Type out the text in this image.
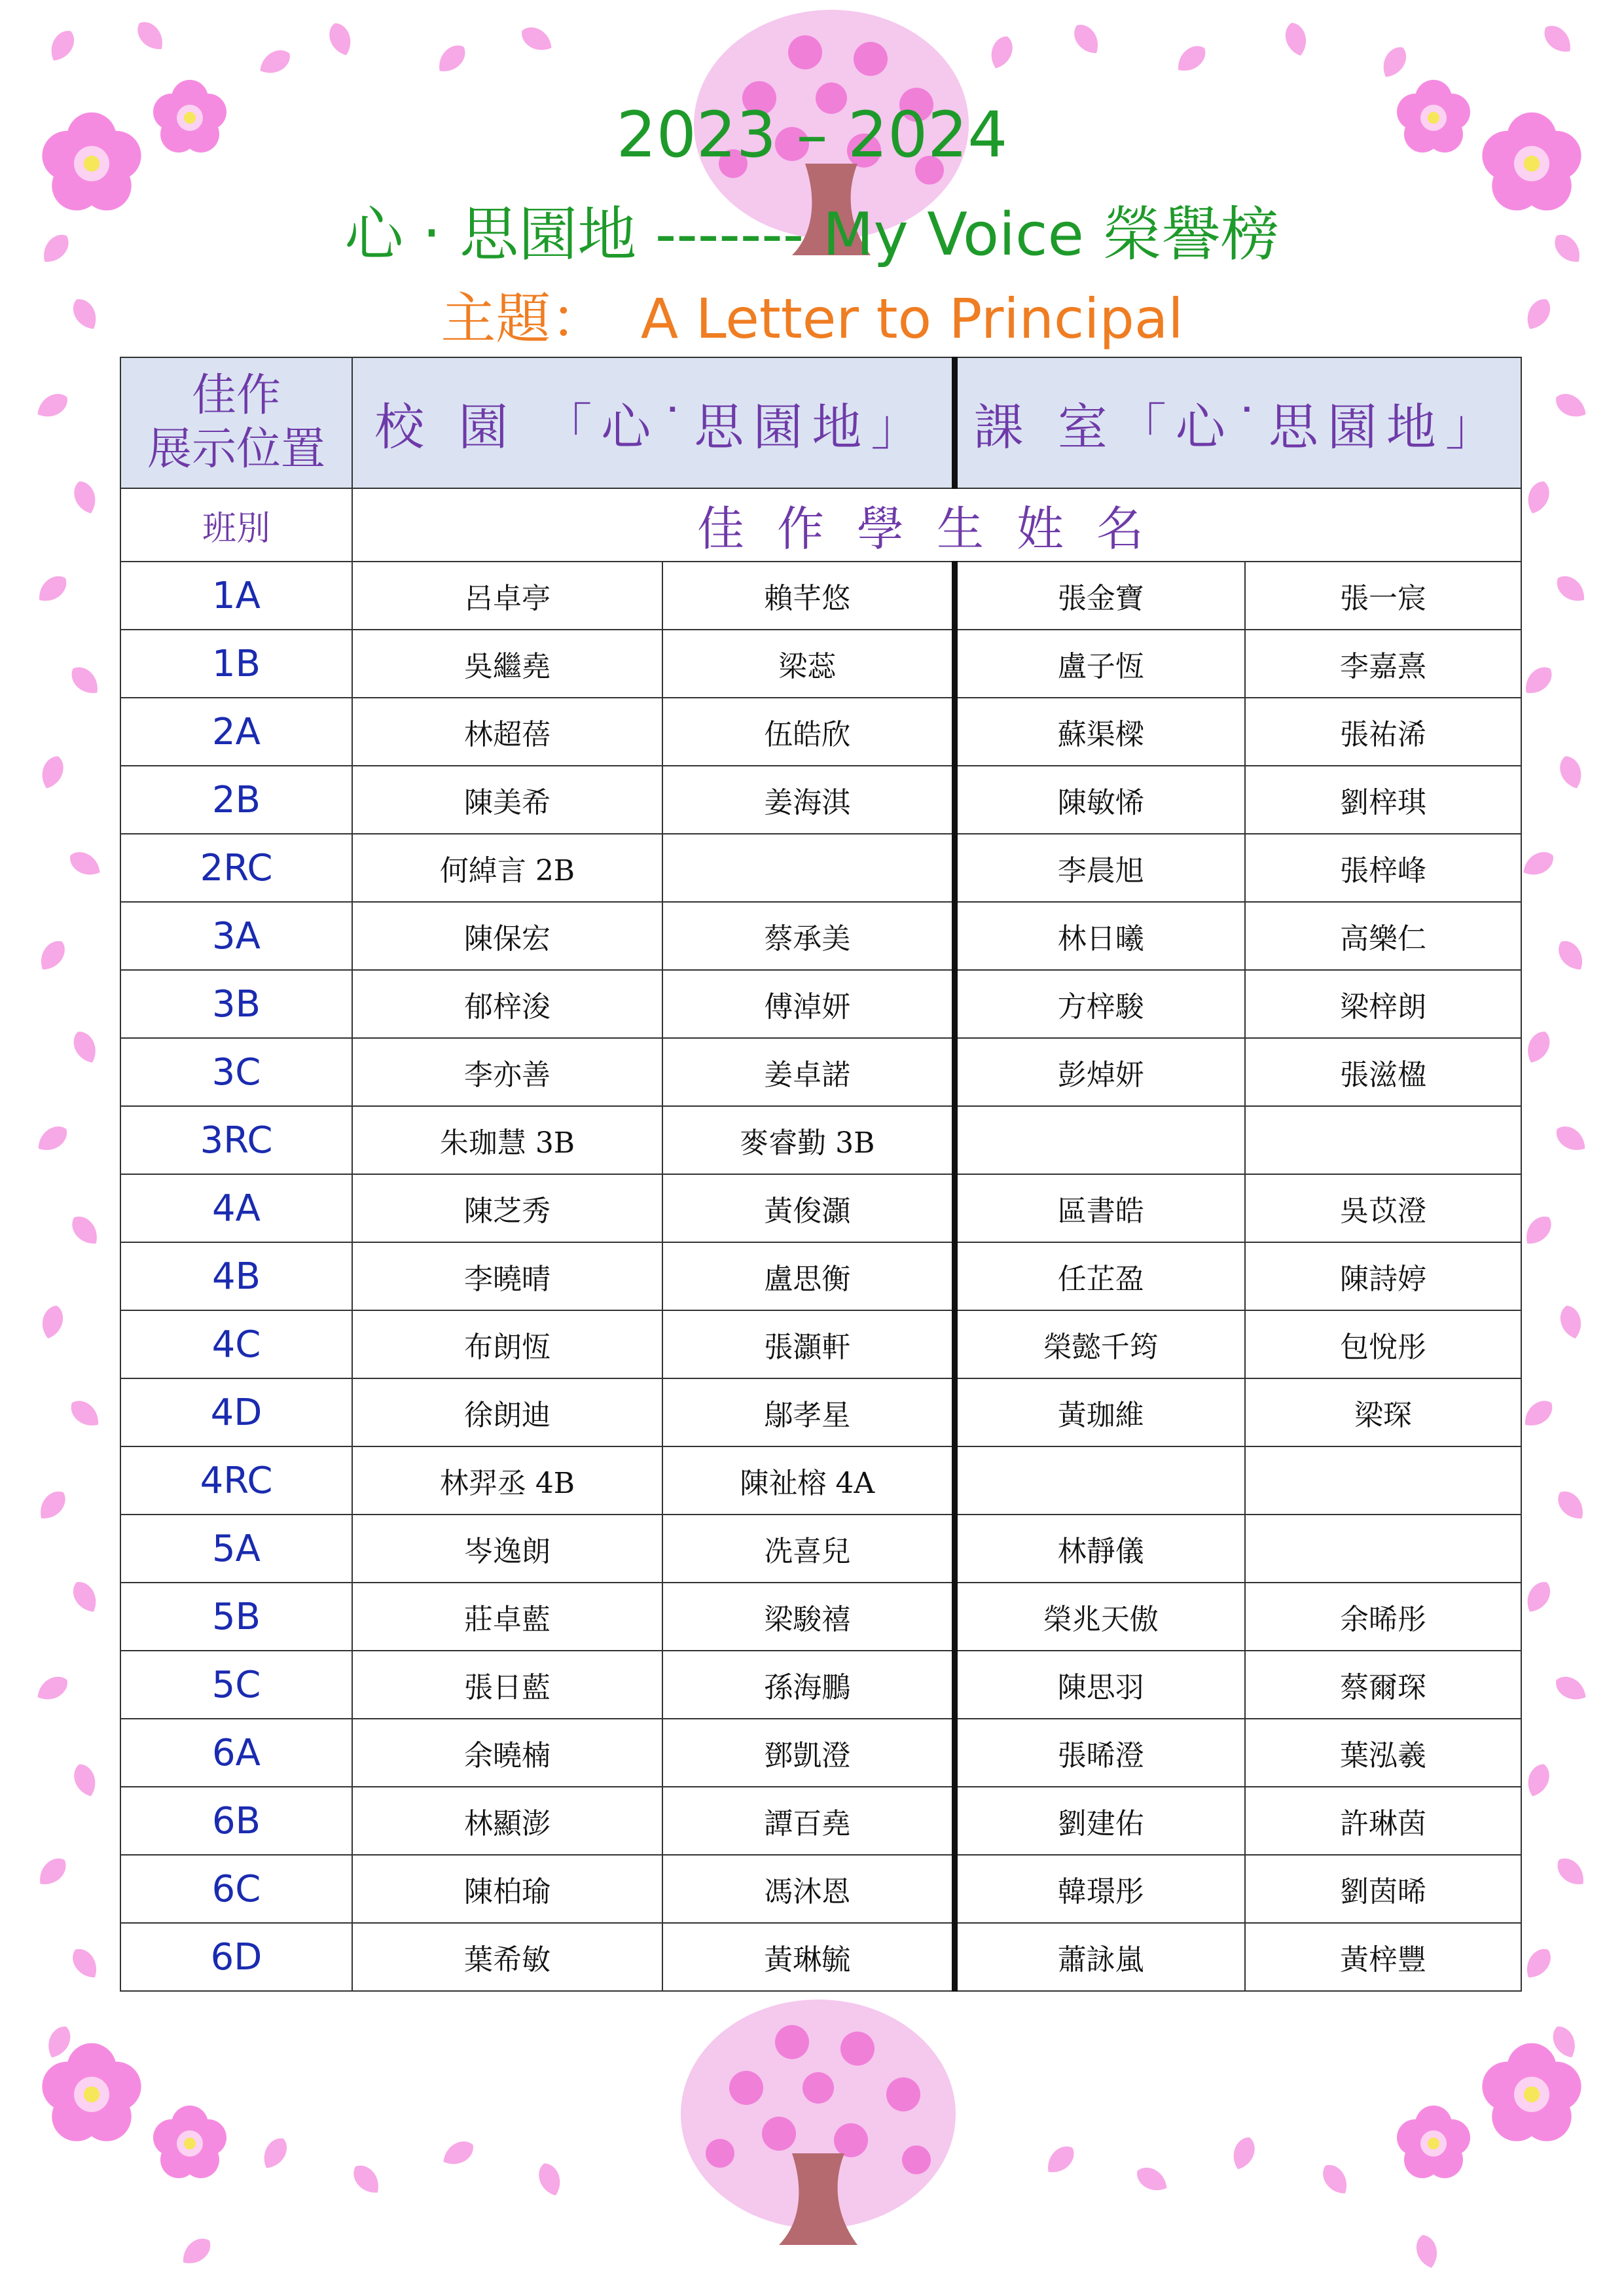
2023 – 2024
心 ‧ 思園地 ------- My Voice 榮譽榜
主題：  A Letter to Principal
佳作
展示位置	校 園 「心˙思園地」		課 室「心˙思園地」	
班別	佳作學生姓名			
1A	呂卓亭	賴芊悠	張金寶	張一宸
1B	吳繼堯	梁蕊	盧子恆	李嘉熹
2A	林超蓓	伍皓欣	蘇渠樑	張祐浠
2B	陳美希	姜海淇	陳敏悕	劉梓琪
2RC	何綽言 2B		李晨旭	張梓峰
3A	陳保宏	蔡承美	林日曦	高樂仁
3B	郁梓浚	傅淖妍	方梓駿	梁梓朗
3C	李亦善	姜卓諾	彭焯妍	張滋楹
3RC	朱珈慧 3B	麥睿勤 3B		
4A	陳芝秀	黃俊灝	區書皓	吳苡澄
4B	李曉晴	盧思衡	任芷盈	陳詩婷
4C	布朗恆	張灝軒	榮懿千筠	包悅彤
4D	徐朗迪	鄔孝星	黃珈維	梁琛
4RC	林羿丞 4B	陳祉榕 4A		
5A	岑逸朗	冼喜兒	林靜儀	
5B	莊卓藍	梁駿禧	榮兆天傲	余晞彤
5C	張日藍	孫海鵬	陳思羽	蔡爾琛
6A	余曉楠	鄧凱澄	張晞澄	葉泓羲
6B	林顯澎	譚百堯	劉建佑	許琳茵
6C	陳柏瑜	馮沐恩	韓璟彤	劉茵晞
6D	葉希敏	黃琳毓	蕭詠嵐	黃梓豐
